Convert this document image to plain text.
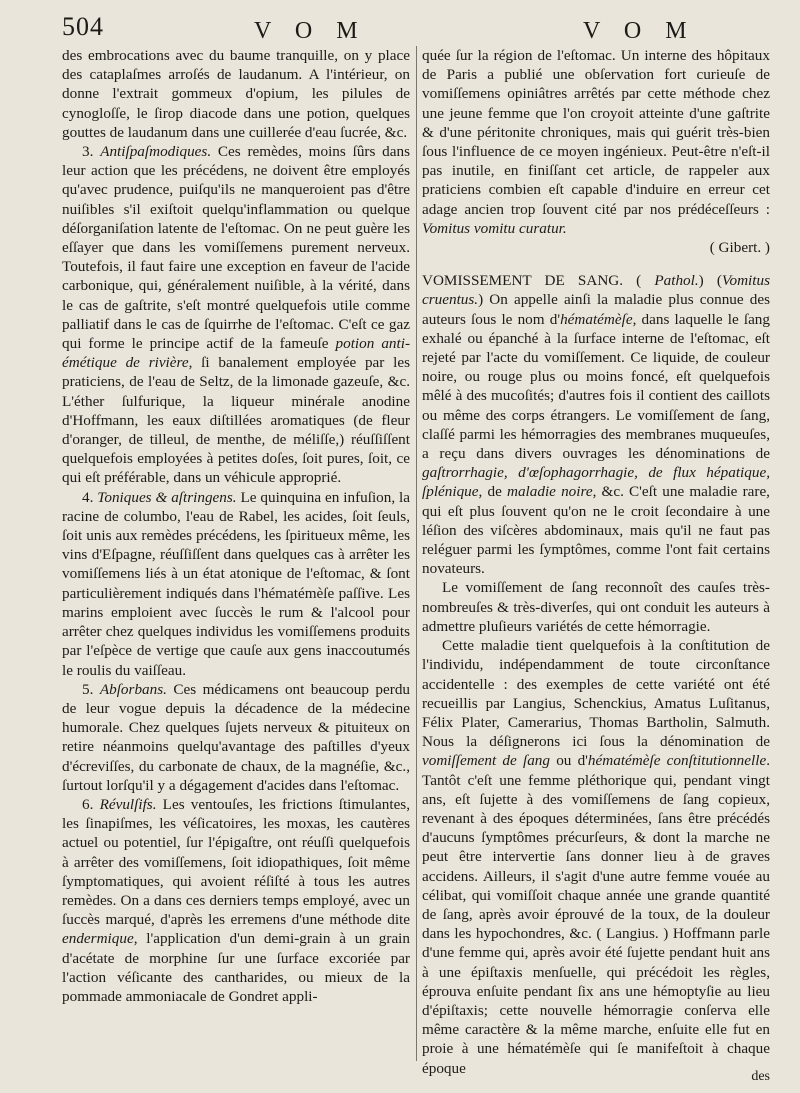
504	V O M	V O M

des embrocations avec du baume tranquille, on y place des cataplaſmes arroſés de laudanum. A l'intérieur, on donne l'extrait gommeux d'opium, les pilules de cynogloſſe, le ſirop diacode dans une potion, quelques gouttes de laudanum dans une cuillerée d'eau ſucrée, &c.

3. Antiſpaſmodiques. Ces remèdes, moins ſûrs dans leur action que les précédens, ne doivent être employés qu'avec prudence, puiſqu'ils ne manqueroient pas d'être nuiſibles s'il exiſtoit quelqu'inflammation ou quelque déſorganiſation latente de l'eſtomac. On ne peut guère les eſſayer que dans les vomiſſemens purement nerveux. Toutefois, il faut faire une exception en faveur de l'acide carbonique, qui, généralement nuiſible, à la vérité, dans le cas de gaſtrite, s'eſt montré quelquefois utile comme palliatif dans le cas de ſquirrhe de l'eſtomac. C'eſt ce gaz qui forme le principe actif de la fameuſe potion anti-émétique de rivière, ſi banalement employée par les praticiens, de l'eau de Seltz, de la limonade gazeuſe, &c. L'éther ſulfurique, la liqueur minérale anodine d'Hoffmann, les eaux diſtillées aromatiques (de fleur d'oranger, de tilleul, de menthe, de méliſſe,) réuſſiſſent quelquefois employées à petites doſes, ſoit pures, ſoit, ce qui eſt préférable, dans un véhicule approprié.

4. Toniques & aſtringens. Le quinquina en infuſion, la racine de columbo, l'eau de Rabel, les acides, ſoit ſeuls, ſoit unis aux remèdes précédens, les ſpiritueux même, les vins d'Eſpagne, réuſſiſſent dans quelques cas à arrêter les vomiſſemens liés à un état atonique de l'eſtomac, & ſont particulièrement indiqués dans l'hématémèſe paſſive. Les marins emploient avec ſuccès le rum & l'alcool pour arrêter chez quelques individus les vomiſſemens produits par l'eſpèce de vertige que cauſe aux gens inaccoutumés le roulis du vaiſſeau.

5. Abſorbans. Ces médicamens ont beaucoup perdu de leur vogue depuis la décadence de la médecine humorale. Chez quelques ſujets nerveux & pituiteux on retire néanmoins quelqu'avantage des paſtilles d'yeux d'écreviſſes, du carbonate de chaux, de la magnéſie, &c., ſurtout lorſqu'il y a dégagement d'acides dans l'eſtomac.

6. Révulſifs. Les ventouſes, les frictions ſtimulantes, les ſinapiſmes, les véſicatoires, les moxas, les cautères actuel ou potentiel, ſur l'épigaſtre, ont réuſſi quelquefois à arrêter des vomiſſemens, ſoit idiopathiques, ſoit même ſymptomatiques, qui avoient réſiſté à tous les autres remèdes. On a dans ces derniers temps employé, avec un ſuccès marqué, d'après les erremens d'une méthode dite endermique, l'application d'un demi-grain à un grain d'acétate de morphine ſur une ſurface excoriée par l'action véſicante des cantharides, ou mieux de la pommade ammoniacale de Gondret appli-

quée ſur la région de l'eſtomac. Un interne des hôpitaux de Paris a publié une obſervation fort curieuſe de vomiſſemens opiniâtres arrêtés par cette méthode chez une jeune femme que l'on croyoit atteinte d'une gaſtrite & d'une péritonite chroniques, mais qui guérit très-bien ſous l'influence de ce moyen ingénieux. Peut-être n'eſt-il pas inutile, en finiſſant cet article, de rappeler aux praticiens combien eſt capable d'induire en erreur cet adage ancien trop ſouvent cité par nos prédéceſſeurs : Vomitus vomitu curatur.

( Gibert. )

VOMISSEMENT DE SANG. ( Pathol.) (Vomitus cruentus.) On appelle ainſi la maladie plus connue des auteurs ſous le nom d'hématémèſe, dans laquelle le ſang exhalé ou épanché à la ſurface interne de l'eſtomac, eſt rejeté par l'acte du vomiſſement. Ce liquide, de couleur noire, ou rouge plus ou moins foncé, eſt quelquefois mêlé à des mucoſités; d'autres fois il contient des caillots ou même des corps étrangers. Le vomiſſement de ſang, claſſé parmi les hémorragies des membranes muqueuſes, a reçu dans divers ouvrages les dénominations de gaſtrorrhagie, d'œſophagorrhagie, de flux hépatique, ſplénique, de maladie noire, &c. C'eſt une maladie rare, qui eſt plus ſouvent qu'on ne le croit ſecondaire à une léſion des viſcères abdominaux, mais qu'il ne faut pas reléguer parmi les ſymptômes, comme l'ont fait certains novateurs.

Le vomiſſement de ſang reconnoît des cauſes très-nombreuſes & très-diverſes, qui ont conduit les auteurs à admettre pluſieurs variétés de cette hémorragie.

Cette maladie tient quelquefois à la conſtitution de l'individu, indépendamment de toute circonſtance accidentelle : des exemples de cette variété ont été recueillis par Langius, Schenckius, Amatus Luſitanus, Félix Plater, Camerarius, Thomas Bartholin, Salmuth. Nous la déſignerons ici ſous la dénomination de vomiſſement de ſang ou d'hématémèſe conſtitutionnelle. Tantôt c'eſt une femme pléthorique qui, pendant vingt ans, eſt ſujette à des vomiſſemens de ſang copieux, revenant à des époques déterminées, ſans être précédés d'aucuns ſymptômes précurſeurs, & dont la marche ne peut être intervertie ſans donner lieu à de graves accidens. Ailleurs, il s'agit d'une autre femme vouée au célibat, qui vomiſſoit chaque année une grande quantité de ſang, après avoir éprouvé de la toux, de la douleur dans les hypochondres, &c. ( Langius. ) Hoffmann parle d'une femme qui, après avoir été ſujette pendant huit ans à une épiſtaxis menſuelle, qui précédoit les règles, éprouva enſuite pendant ſix ans une hémoptyſie au lieu d'épiſtaxis; cette nouvelle hémorragie conſerva elle même caractère & la même marche, enſuite elle fut en proie à une hématémèſe qui ſe manifeſtoit à chaque époque	des
